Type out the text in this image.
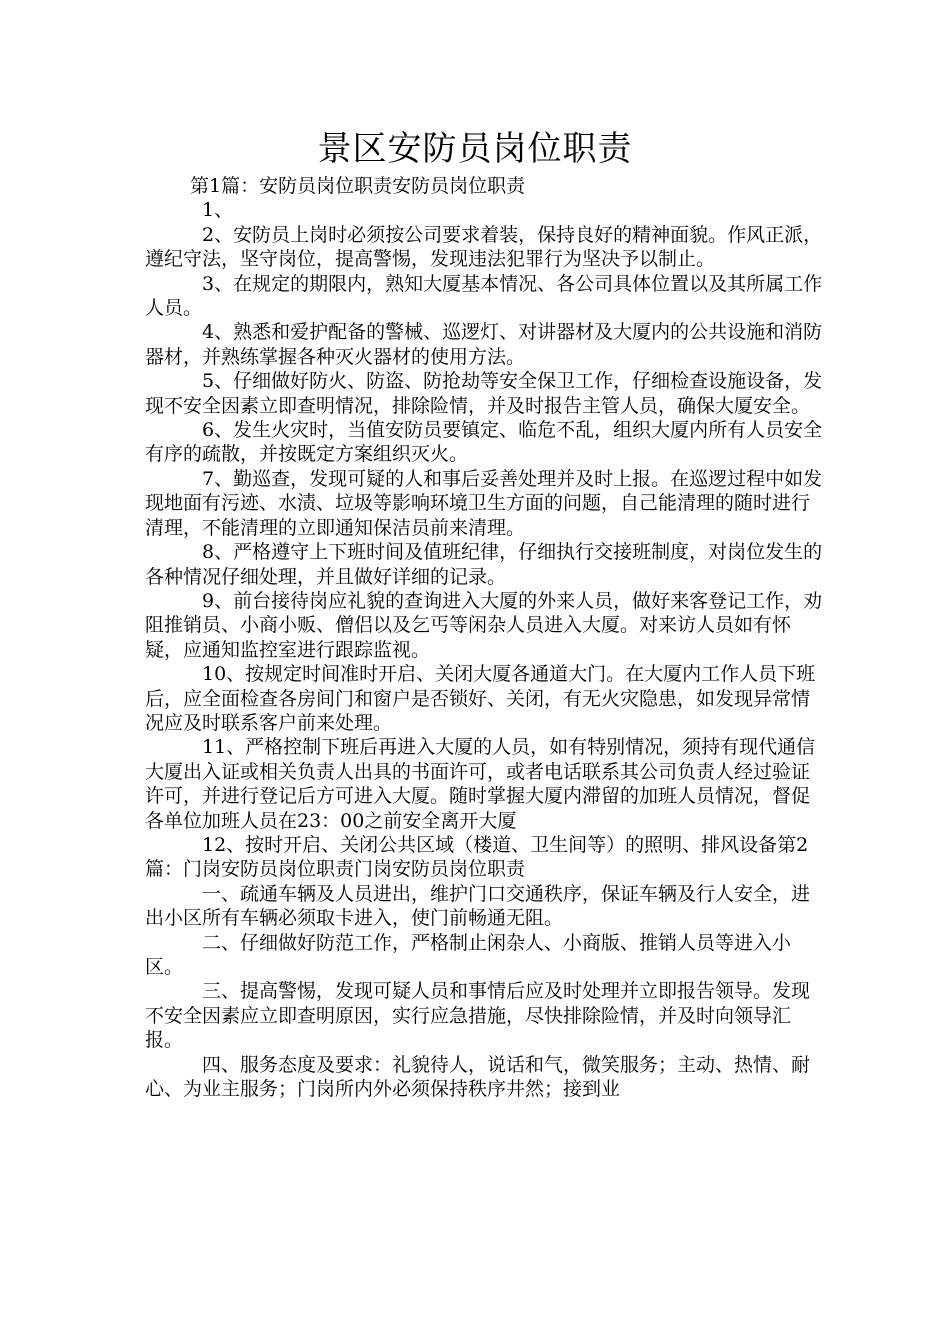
景区安防员岗位职责

第1篇：安防员岗位职责安防员岗位职责

1、

2、安防员上岗时必须按公司要求着装，保持良好的精神面貌。作风正派，遵纪守法，坚守岗位，提高警惕，发现违法犯罪行为坚决予以制止。

3、在规定的期限内，熟知大厦基本情况、各公司具体位置以及其所属工作人员。

4、熟悉和爱护配备的警械、巡逻灯、对讲器材及大厦内的公共设施和消防器材，并熟练掌握各种灭火器材的使用方法。

5、仔细做好防火、防盗、防抢劫等安全保卫工作，仔细检查设施设备，发现不安全因素立即查明情况，排除险情，并及时报告主管人员，确保大厦安全。

6、发生火灾时，当值安防员要镇定、临危不乱，组织大厦内所有人员安全有序的疏散，并按既定方案组织灭火。

7、勤巡查，发现可疑的人和事后妥善处理并及时上报。在巡逻过程中如发现地面有污迹、水渍、垃圾等影响环境卫生方面的问题，自己能清理的随时进行清理，不能清理的立即通知保洁员前来清理。

8、严格遵守上下班时间及值班纪律，仔细执行交接班制度，对岗位发生的各种情况仔细处理，并且做好详细的记录。

9、前台接待岗应礼貌的查询进入大厦的外来人员，做好来客登记工作，劝阻推销员、小商小贩、僧侣以及乞丐等闲杂人员进入大厦。对来访人员如有怀疑，应通知监控室进行跟踪监视。

10、按规定时间准时开启、关闭大厦各通道大门。在大厦内工作人员下班后，应全面检查各房间门和窗户是否锁好、关闭，有无火灾隐患，如发现异常情况应及时联系客户前来处理。

11、严格控制下班后再进入大厦的人员，如有特别情况，须持有现代通信大厦出入证或相关负责人出具的书面许可，或者电话联系其公司负责人经过验证许可，并进行登记后方可进入大厦。随时掌握大厦内滞留的加班人员情况，督促各单位加班人员在23：00之前安全离开大厦

12、按时开启、关闭公共区域（楼道、卫生间等）的照明、排风设备第2篇：门岗安防员岗位职责门岗安防员岗位职责

一、疏通车辆及人员进出，维护门口交通秩序，保证车辆及行人安全，进出小区所有车辆必须取卡进入，使门前畅通无阻。

二、仔细做好防范工作，严格制止闲杂人、小商版、推销人员等进入小区。

三、提高警惕，发现可疑人员和事情后应及时处理并立即报告领导。发现不安全因素应立即查明原因，实行应急措施，尽快排除险情，并及时向领导汇报。

四、服务态度及要求：礼貌待人，说话和气，微笑服务；主动、热情、耐心、为业主服务；门岗所内外必须保持秩序井然；接到业
